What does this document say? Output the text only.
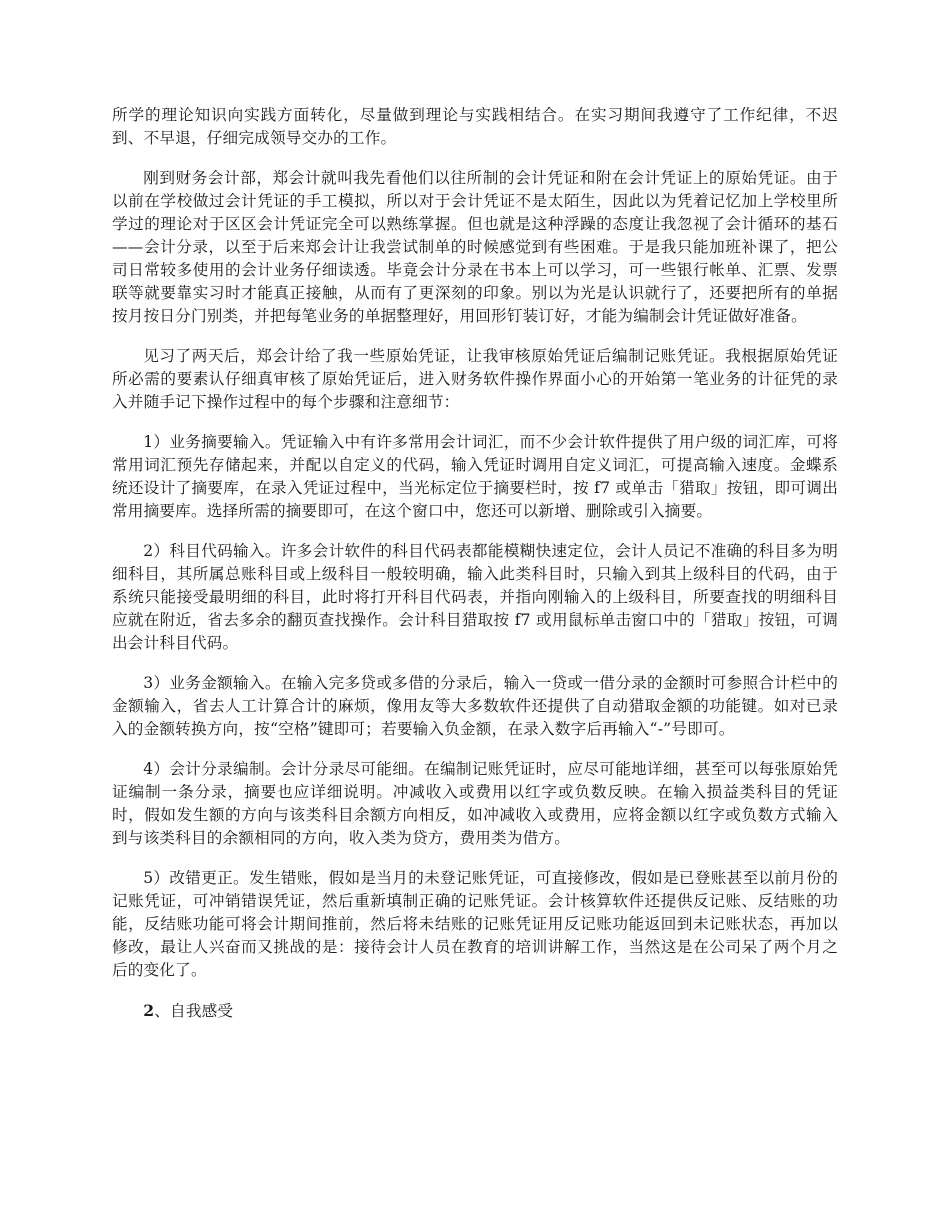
所学的理论知识向实践方面转化，尽量做到理论与实践相结合。在实习期间我遵守了工作纪律，不迟到、不早退，仔细完成领导交办的工作。

刚到财务会计部，郑会计就叫我先看他们以往所制的会计凭证和附在会计凭证上的原始凭证。由于以前在学校做过会计凭证的手工模拟，所以对于会计凭证不是太陌生，因此以为凭着记忆加上学校里所学过的理论对于区区会计凭证完全可以熟练掌握。但也就是这种浮躁的态度让我忽视了会计循环的基石——会计分录，以至于后来郑会计让我尝试制单的时候感觉到有些困难。于是我只能加班补课了，把公司日常较多使用的会计业务仔细读透。毕竟会计分录在书本上可以学习，可一些银行帐单、汇票、发票联等就要靠实习时才能真正接触，从而有了更深刻的印象。别以为光是认识就行了，还要把所有的单据按月按日分门别类，并把每笔业务的单据整理好，用回形钉装订好，才能为编制会计凭证做好准备。

见习了两天后，郑会计给了我一些原始凭证，让我审核原始凭证后编制记账凭证。我根据原始凭证所必需的要素认仔细真审核了原始凭证后，进入财务软件操作界面小心的开始第一笔业务的计征凭的录入并随手记下操作过程中的每个步骤和注意细节：

1）业务摘要输入。凭证输入中有许多常用会计词汇，而不少会计软件提供了用户级的词汇库，可将常用词汇预先存储起来，并配以自定义的代码，输入凭证时调用自定义词汇，可提高输入速度。金蝶系统还设计了摘要库，在录入凭证过程中，当光标定位于摘要栏时，按 f7 或单击「猎取」按钮，即可调出常用摘要库。选择所需的摘要即可，在这个窗口中，您还可以新增、删除或引入摘要。

2）科目代码输入。许多会计软件的科目代码表都能模糊快速定位，会计人员记不准确的科目多为明细科目，其所属总账科目或上级科目一般较明确，输入此类科目时，只输入到其上级科目的代码，由于系统只能接受最明细的科目，此时将打开科目代码表，并指向刚输入的上级科目，所要查找的明细科目应就在附近，省去多余的翻页查找操作。会计科目猎取按 f7 或用鼠标单击窗口中的「猎取」按钮，可调出会计科目代码。

3）业务金额输入。在输入完多贷或多借的分录后，输入一贷或一借分录的金额时可参照合计栏中的金额输入，省去人工计算合计的麻烦，像用友等大多数软件还提供了自动猎取金额的功能键。如对已录入的金额转换方向，按“空格”键即可；若要输入负金额，在录入数字后再输入“-”号即可。

4）会计分录编制。会计分录尽可能细。在编制记账凭证时，应尽可能地详细，甚至可以每张原始凭证编制一条分录，摘要也应详细说明。冲减收入或费用以红字或负数反映。在输入损益类科目的凭证时，假如发生额的方向与该类科目余额方向相反，如冲减收入或费用，应将金额以红字或负数方式输入到与该类科目的余额相同的方向，收入类为贷方，费用类为借方。

5）改错更正。发生错账，假如是当月的未登记账凭证，可直接修改，假如是已登账甚至以前月份的记账凭证，可冲销错误凭证，然后重新填制正确的记账凭证。会计核算软件还提供反记账、反结账的功能，反结账功能可将会计期间推前，然后将未结账的记账凭证用反记账功能返回到未记账状态，再加以修改，最让人兴奋而又挑战的是：接待会计人员在教育的培训讲解工作，当然这是在公司呆了两个月之后的变化了。

2、自我感受
